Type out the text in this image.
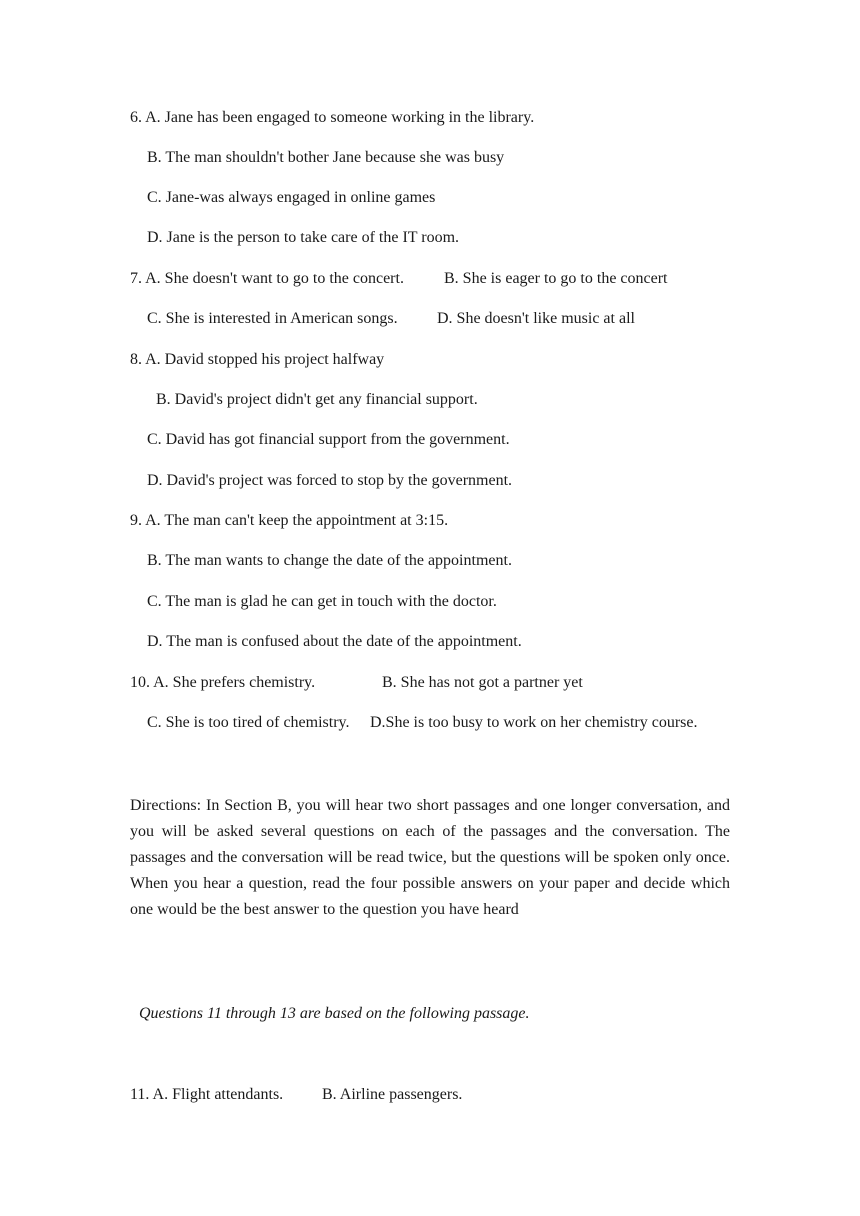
6. A. Jane has been engaged to someone working in the library.
B. The man shouldn't bother Jane because she was busy
C. Jane-was always engaged in online games
D. Jane is the person to take care of the IT room.
7. A. She doesn't want to go to the concert.	B. She is eager to go to the concert
C. She is interested in American songs. D. She doesn't like music at all
8. A. David stopped his project halfway
B. David's project didn't get any financial support.
C. David has got financial support from the government.
D. David's project was forced to stop by the government.
9. A. The man can't keep the appointment at 3:15.
B. The man wants to change the date of the appointment.
C. The man is glad he can get in touch with the doctor.
D. The man is confused about the date of the appointment.
10. A. She prefers chemistry.	B. She has not got a partner yet
C. She is too tired of chemistry. D.She is too busy to work on her chemistry course.
Directions: In Section B, you will hear two short passages and one longer conversation, and you will be asked several questions on each of the passages and the conversation. The passages and the conversation will be read twice, but the questions will be spoken only once. When you hear a question, read the four possible answers on your paper and decide which one would be the best answer to the question you have heard
Questions 11 through 13 are based on the following passage.
11. A. Flight attendants. B. Airline passengers.
